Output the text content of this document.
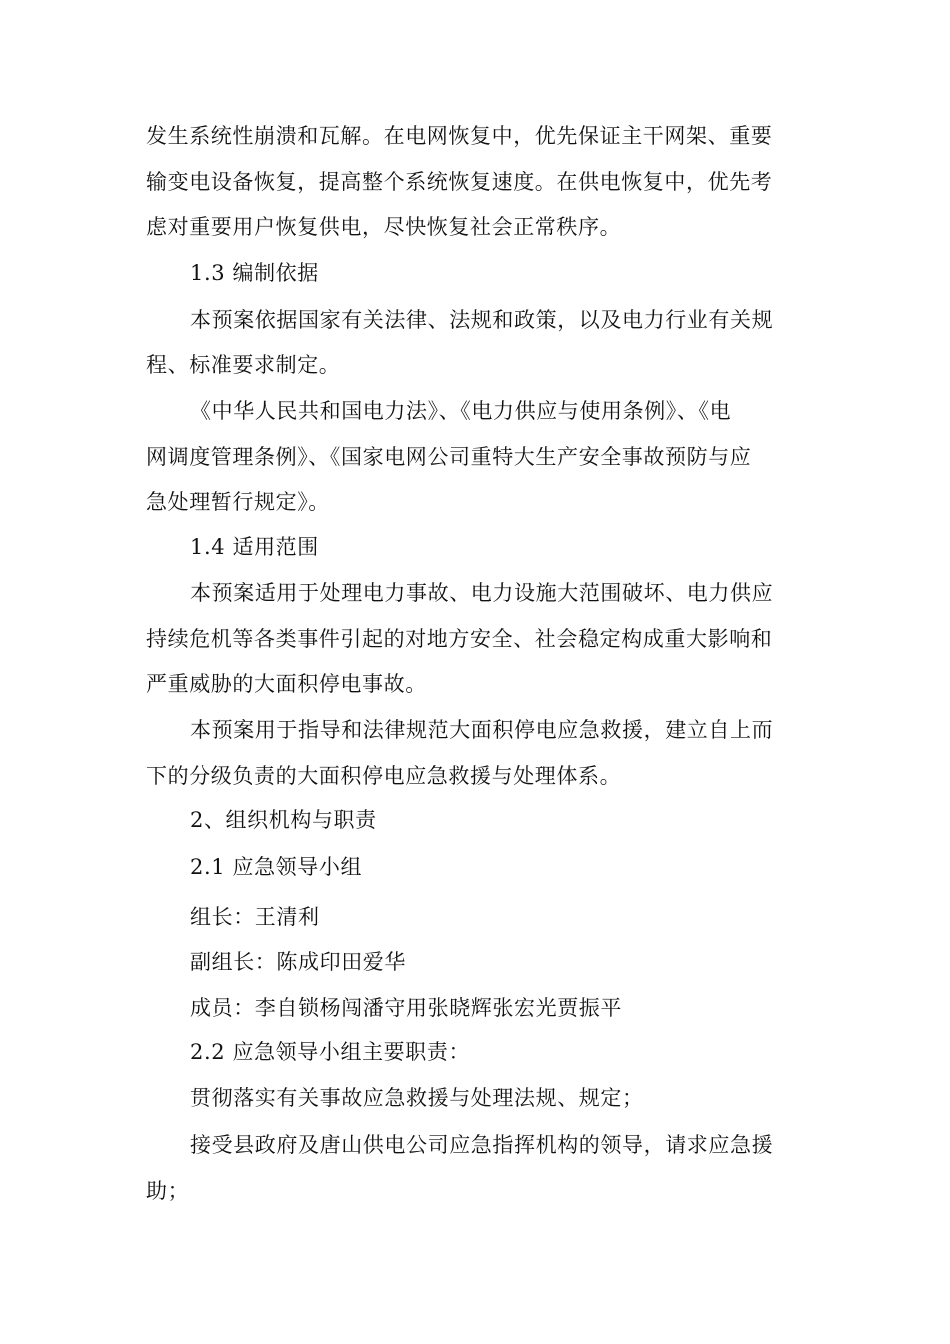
发生系统性崩溃和瓦解。在电网恢复中，优先保证主干网架、重要
输变电设备恢复，提高整个系统恢复速度。在供电恢复中，优先考
虑对重要用户恢复供电，尽快恢复社会正常秩序。
1.3 编制依据
本预案依据国家有关法律、法规和政策，以及电力行业有关规
程、标准要求制定。
《中华人民共和国电力法》、《电力供应与使用条例》、《电
网调度管理条例》、《国家电网公司重特大生产安全事故预防与应
急处理暂行规定》。
1.4 适用范围
本预案适用于处理电力事故、电力设施大范围破坏、电力供应
持续危机等各类事件引起的对地方安全、社会稳定构成重大影响和
严重威胁的大面积停电事故。
本预案用于指导和法律规范大面积停电应急救援，建立自上而
下的分级负责的大面积停电应急救援与处理体系。
2、组织机构与职责
2.1 应急领导小组
组长：王清利
副组长：陈成印田爱华
成员：李自锁杨闯潘守用张晓辉张宏光贾振平
2.2 应急领导小组主要职责：
贯彻落实有关事故应急救援与处理法规、规定；
接受县政府及唐山供电公司应急指挥机构的领导，请求应急援
助；
